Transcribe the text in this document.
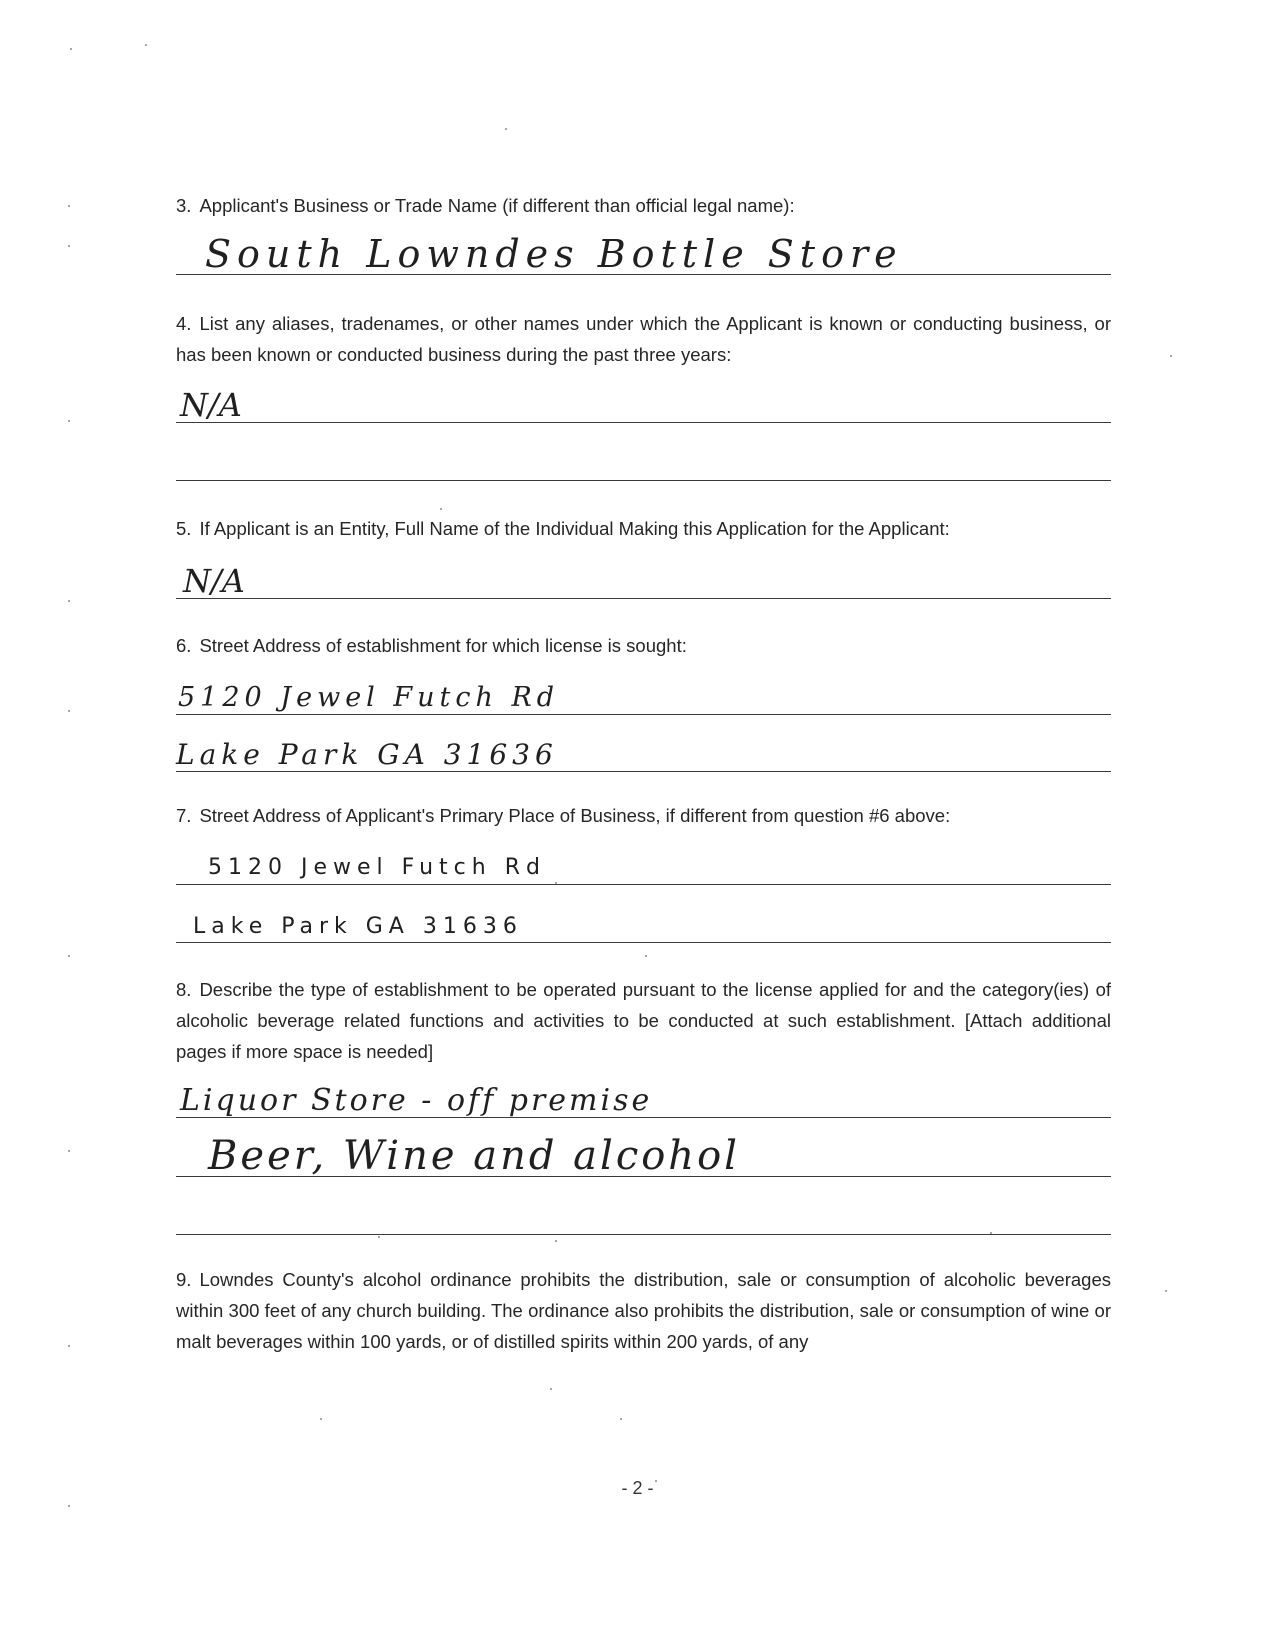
3. Applicant's Business or Trade Name (if different than official legal name):
South Lowndes Bottle Store
4. List any aliases, tradenames, or other names under which the Applicant is known or conducting business, or has been known or conducted business during the past three years:
N/A
5. If Applicant is an Entity, Full Name of the Individual Making this Application for the Applicant:
N/A
6. Street Address of establishment for which license is sought:
5120 Jewel Futch Rd
Lake Park GA 31636
7. Street Address of Applicant's Primary Place of Business, if different from question #6 above:
5120 Jewel Futch Rd
Lake Park GA 31636
8. Describe the type of establishment to be operated pursuant to the license applied for and the category(ies) of alcoholic beverage related functions and activities to be conducted at such establishment. [Attach additional pages if more space is needed]
Liquor Store - off premise
Beer, Wine and alcohol
9. Lowndes County's alcohol ordinance prohibits the distribution, sale or consumption of alcoholic beverages within 300 feet of any church building. The ordinance also prohibits the distribution, sale or consumption of wine or malt beverages within 100 yards, or of distilled spirits within 200 yards, of any
- 2 -
